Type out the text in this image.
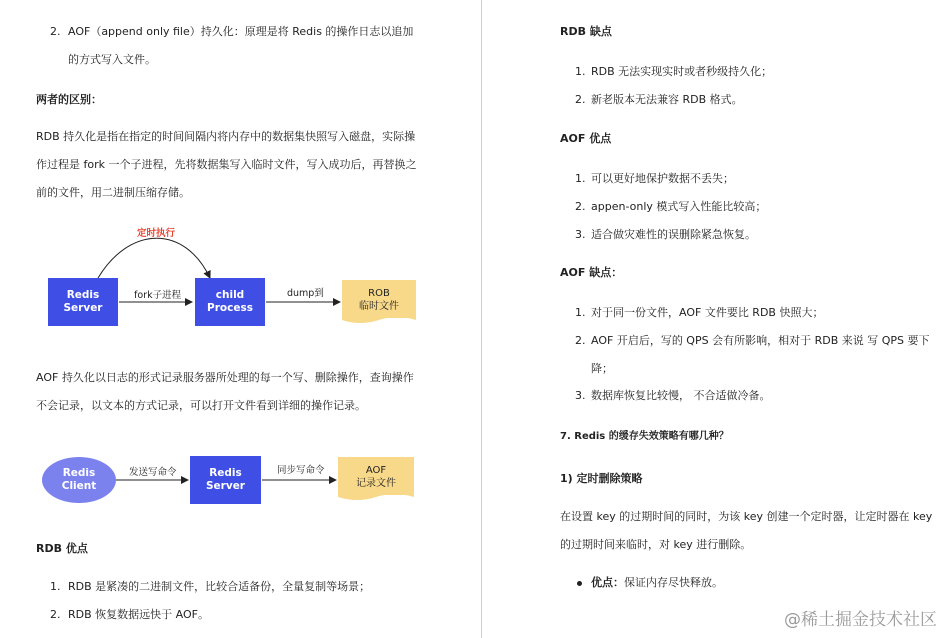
2. AOF（append only file）持久化：原理是将 Redis 的操作日志以追加
的方式写入文件。
两者的区别：
RDB 持久化是指在指定的时间间隔内将内存中的数据集快照写入磁盘，实际操
作过程是 fork 一个子进程，先将数据集写入临时文件，写入成功后，再替换之
前的文件，用二进制压缩存储。
定时执行
Redis
Server
fork子进程	child
Process
dump到	ROB
临时文件
AOF 持久化以日志的形式记录服务器所处理的每一个写、删除操作，查询操作
不会记录，以文本的方式记录，可以打开文件看到详细的操作记录。
Redis
Client
发送写命令	Redis
Server
同步写命令	AOF
记录文件
RDB 优点
1. RDB 是紧凑的二进制文件，比较合适备份，全量复制等场景；
2. RDB 恢复数据远快于 AOF。
RDB 缺点
1. RDB 无法实现实时或者秒级持久化；
2. 新老版本无法兼容 RDB 格式。
AOF 优点
1. 可以更好地保护数据不丢失；
2. appen-only 模式写入性能比较高；
3. 适合做灾难性的误删除紧急恢复。
AOF 缺点：
1. 对于同一份文件，AOF 文件要比 RDB 快照大；
2. AOF 开启后，写的 QPS 会有所影响，相对于 RDB 来说 写 QPS 要下
降；
3. 数据库恢复比较慢， 不合适做冷备。
7. Redis 的缓存失效策略有哪几种？
1) 定时删除策略
在设置 key 的过期时间的同时，为该 key 创建一个定时器，让定时器在 key
的过期时间来临时，对 key 进行删除。
优点： 保证内存尽快释放。
@稀土掘金技术社区
